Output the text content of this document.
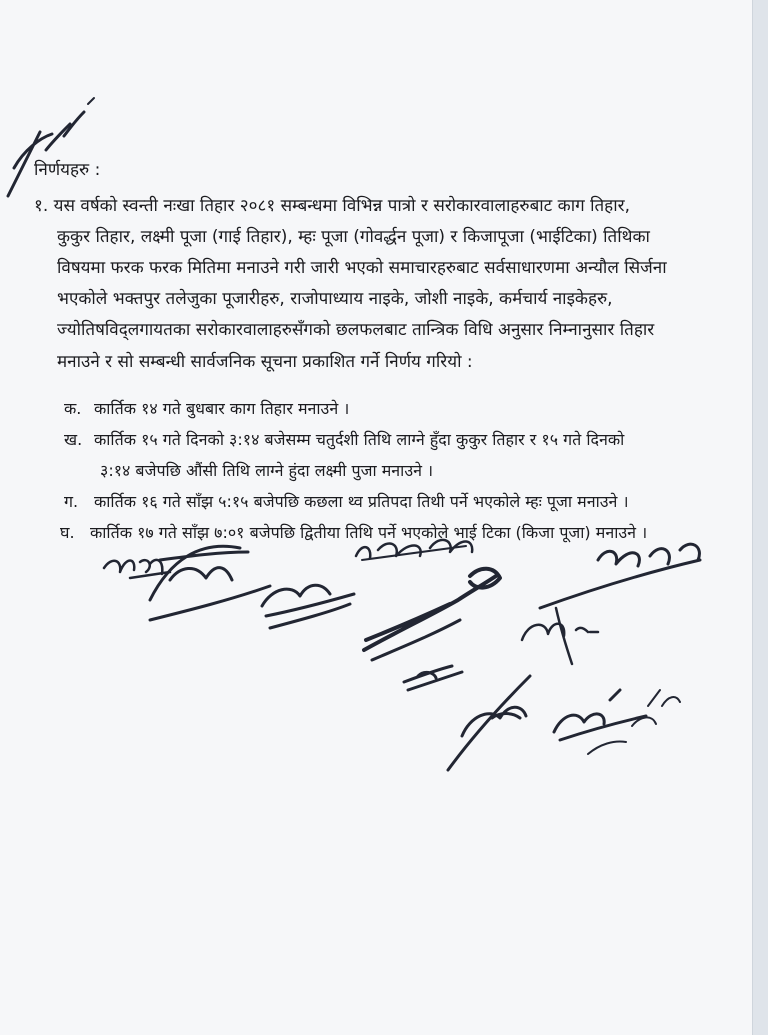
निर्णयहरु :
१. यस वर्षको स्वन्ती नःखा तिहार २०८१ सम्बन्धमा विभिन्न पात्रो र सरोकारवालाहरुबाट काग तिहार,
कुकुर तिहार, लक्ष्मी पूजा (गाई तिहार), म्हः पूजा (गोवर्द्धन पूजा) र किजापूजा (भाईटिका) तिथिका
विषयमा फरक फरक मितिमा मनाउने गरी जारी भएको समाचारहरुबाट सर्वसाधारणमा अन्यौल सिर्जना
भएकोले भक्तपुर तलेजुका पूजारीहरु, राजोपाध्याय नाइके, जोशी नाइके, कर्मचार्य नाइकेहरु,
ज्योतिषविद्लगायतका सरोकारवालाहरुसँगको छलफलबाट तान्त्रिक विधि अनुसार निम्नानुसार तिहार
मनाउने र सो सम्बन्धी सार्वजनिक सूचना प्रकाशित गर्ने निर्णय गरियो :
क. कार्तिक १४ गते बुधबार काग तिहार मनाउने ।
ख. कार्तिक १५ गते दिनको ३:१४ बजेसम्म चतुर्दशी तिथि लाग्ने हुँदा कुकुर तिहार र १५ गते दिनको
३:१४ बजेपछि औंसी तिथि लाग्ने हुंदा लक्ष्मी पुजा मनाउने ।
ग. कार्तिक १६ गते साँझ ५:१५ बजेपछि कछला थ्व प्रतिपदा तिथी पर्ने भएकोले म्हः पूजा मनाउने ।
घ. कार्तिक १७ गते साँझ ७:०१ बजेपछि द्वितीया तिथि पर्ने भएकोले भाई टिका (किजा पूजा) मनाउने ।
